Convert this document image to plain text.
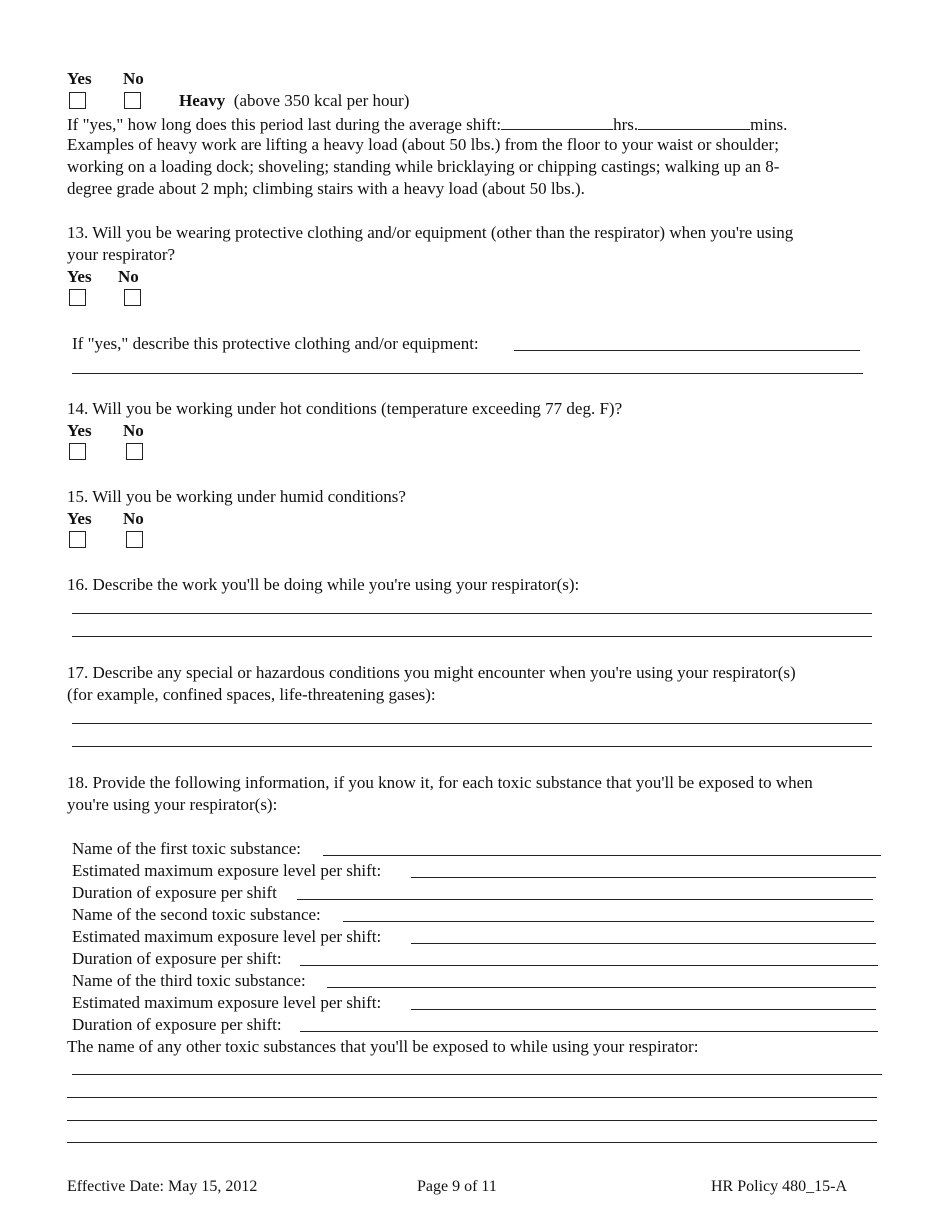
Yes No
Heavy (above 350 kcal per hour)
If "yes," how long does this period last during the average shift:	hrs.	mins.
Examples of heavy work are lifting a heavy load (about 50 lbs.) from the floor to your waist or shoulder;
working on a loading dock; shoveling; standing while bricklaying or chipping castings; walking up an 8-
degree grade about 2 mph; climbing stairs with a heavy load (about 50 lbs.).
13. Will you be wearing protective clothing and/or equipment (other than the respirator) when you're using
your respirator?
Yes No
If "yes," describe this protective clothing and/or equipment:
14. Will you be working under hot conditions (temperature exceeding 77 deg. F)?
Yes No
15. Will you be working under humid conditions?
Yes No
16. Describe the work you'll be doing while you're using your respirator(s):
17. Describe any special or hazardous conditions you might encounter when you're using your respirator(s)
(for example, confined spaces, life-threatening gases):
18. Provide the following information, if you know it, for each toxic substance that you'll be exposed to when
you're using your respirator(s):
Name of the first toxic substance:
Estimated maximum exposure level per shift:
Duration of exposure per shift
Name of the second toxic substance:
Estimated maximum exposure level per shift:
Duration of exposure per shift:
Name of the third toxic substance:
Estimated maximum exposure level per shift:
Duration of exposure per shift:
The name of any other toxic substances that you'll be exposed to while using your respirator:
Effective Date: May 15, 2012	Page 9 of 11	HR Policy 480_15-A
